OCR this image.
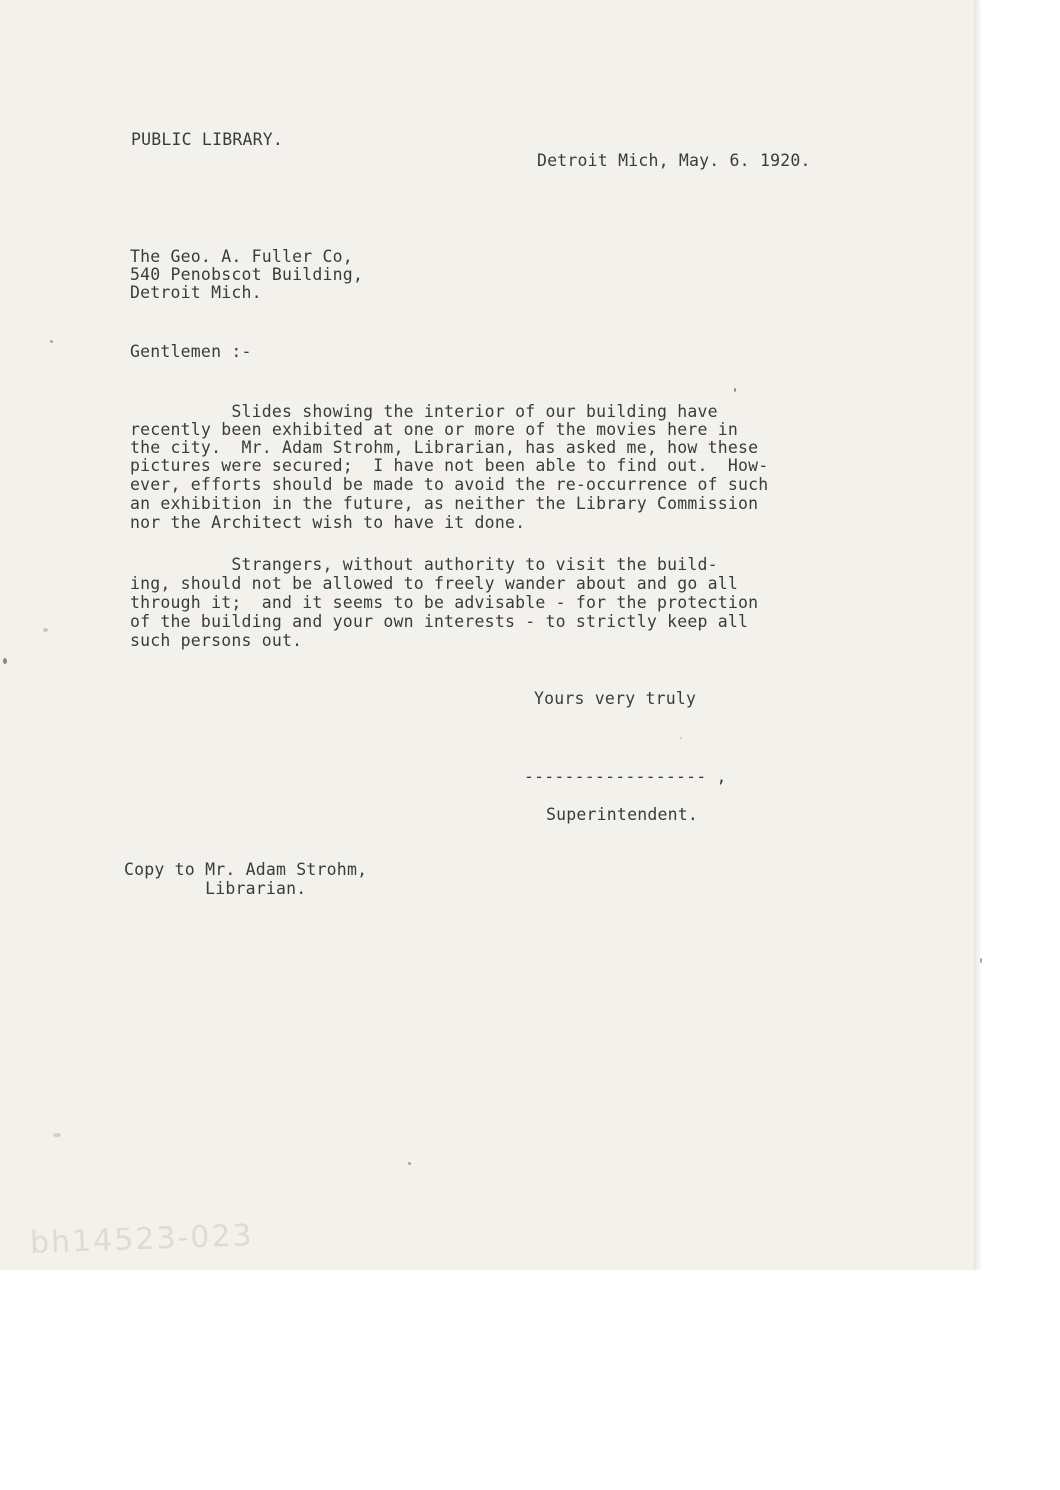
PUBLIC LIBRARY.
Detroit Mich, May. 6. 1920.
The Geo. A. Fuller Co,
540 Penobscot Building,
Detroit Mich.
Gentlemen :-
Slides showing the interior of our building have
recently been exhibited at one or more of the movies here in
the city.  Mr. Adam Strohm, Librarian, has asked me, how these
pictures were secured;  I have not been able to find out.  How-
ever, efforts should be made to avoid the re-occurrence of such
an exhibition in the future, as neither the Library Commission
nor the Architect wish to have it done.
Strangers, without authority to visit the build-
ing, should not be allowed to freely wander about and go all
through it;  and it seems to be advisable - for the protection
of the building and your own interests - to strictly keep all
such persons out.
Yours very truly
------------------ ,
Superintendent.
Copy to Mr. Adam Strohm,
Librarian.
bh14523-023
